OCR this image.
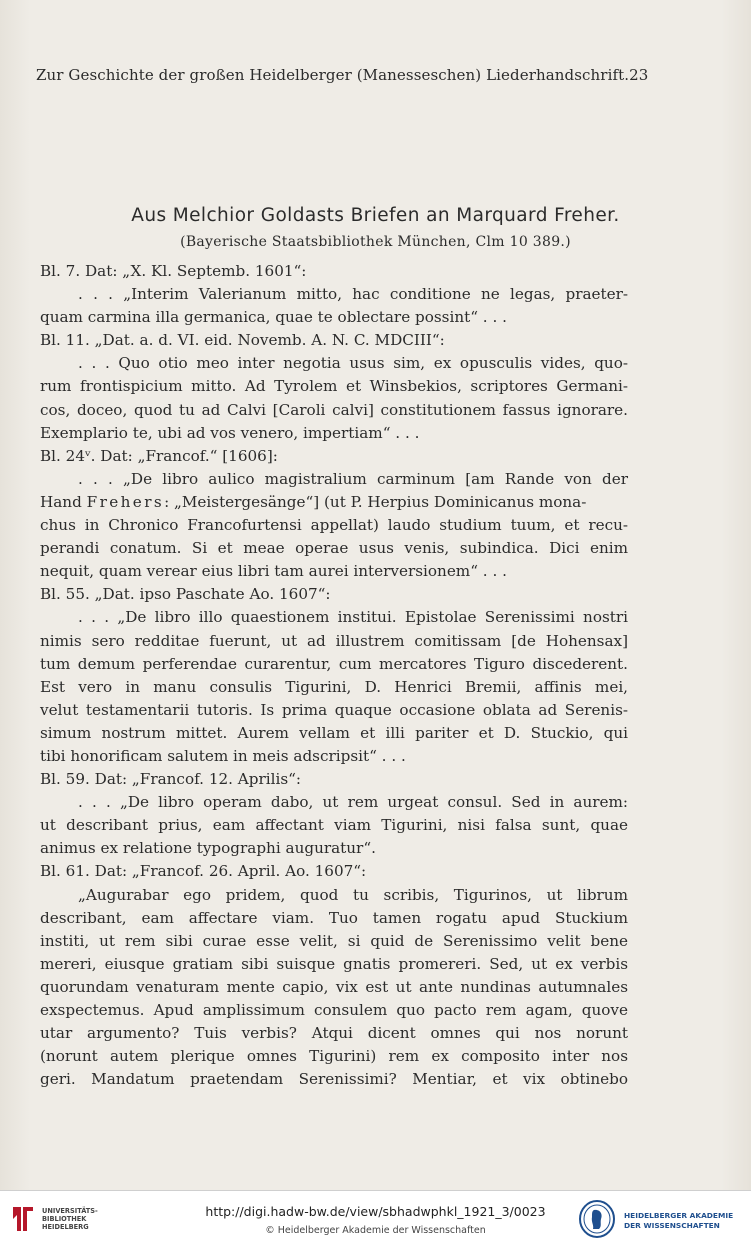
Zur Geschichte der großen Heidelberger (Manesseschen) Liederhandschrift. 23
Aus Melchior Goldasts Briefen an Marquard Freher.
(Bayerische Staatsbibliothek München, Clm 10 389.)
Bl. 7. Dat: „X. Kl. Septemb. 1601“:
. . . „Interim Valerianum mitto, hac conditione ne legas, praeter-
quam carmina illa germanica, quae te oblectare possint“ . . .
Bl. 11. „Dat. a. d. VI. eid. Novemb. A. N. C. MDCIII“:
. . . Quo otio meo inter negotia usus sim, ex opusculis vides, quo-
rum frontispicium mitto. Ad Tyrolem et Winsbekios, scriptores Germani-
cos, doceo, quod tu ad Calvi [Caroli calvi] constitutionem fassus ignorare.
Exemplario te, ubi ad vos venero, impertiam“ . . .
Bl. 24ᵛ. Dat: „Francof.“ [1606]:
. . . „De libro aulico magistralium carminum [am Rande von der
Hand Frehers: „Meistergesänge“] (ut P. Herpius Dominicanus mona-
chus in Chronico Francofurtensi appellat) laudo studium tuum, et recu-
perandi conatum. Si et meae operae usus venis, subindica. Dici enim
nequit, quam verear eius libri tam aurei interversionem“ . . .
Bl. 55. „Dat. ipso Paschate Ao. 1607“:
. . . „De libro illo quaestionem institui. Epistolae Serenissimi nostri
nimis sero redditae fuerunt, ut ad illustrem comitissam [de Hohensax]
tum demum perferendae curarentur, cum mercatores Tiguro discederent.
Est vero in manu consulis Tigurini, D. Henrici Bremii, affinis mei,
velut testamentarii tutoris. Is prima quaque occasione oblata ad Serenis-
simum nostrum mittet. Aurem vellam et illi pariter et D. Stuckio, qui
tibi honorificam salutem in meis adscripsit“ . . .
Bl. 59. Dat: „Francof. 12. Aprilis“:
. . . „De libro operam dabo, ut rem urgeat consul. Sed in aurem:
ut describant prius, eam affectant viam Tigurini, nisi falsa sunt, quae
animus ex relatione typographi auguratur“.
Bl. 61. Dat: „Francof. 26. April. Ao. 1607“:
„Augurabar ego pridem, quod tu scribis, Tigurinos, ut librum
describant, eam affectare viam. Tuo tamen rogatu apud Stuckium
institi, ut rem sibi curae esse velit, si quid de Serenissimo velit bene
mereri, eiusque gratiam sibi suisque gnatis promereri. Sed, ut ex verbis
quorundam venaturam mente capio, vix est ut ante nundinas autumnales
exspectemus. Apud amplissimum consulem quo pacto rem agam, quove
utar argumento? Tuis verbis? Atqui dicent omnes qui nos norunt
(norunt autem plerique omnes Tigurini) rem ex composito inter nos
geri. Mandatum praetendam Serenissimi? Mentiar, et vix obtinebo
UNIVERSITÄTS-
BIBLIOTHEK
HEIDELBERG
http://digi.hadw-bw.de/view/sbhadwphkl_1921_3/0023
© Heidelberger Akademie der Wissenschaften
HEIDELBERGER AKADEMIE
DER WISSENSCHAFTEN
